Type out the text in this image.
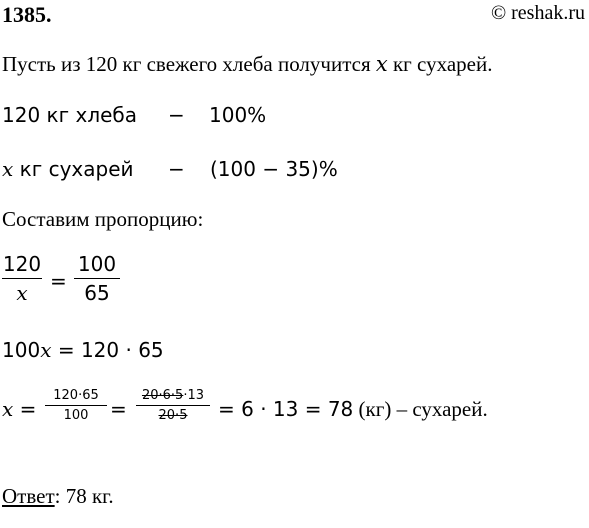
1385.	© reshak.ru
Пусть из 120 кг свежего хлеба получится x кг сухарей.
120 кг хлеба − 100%
x кг сухарей − (100 − 35)%
Составим пропорцию:
120
x	=
100
65
100x = 120 · 65
x =
120·65
100	=
20·6·5·13
20·5	= 6 · 13 = 78 (кг) – сухарей.
Ответ: 78 кг.
